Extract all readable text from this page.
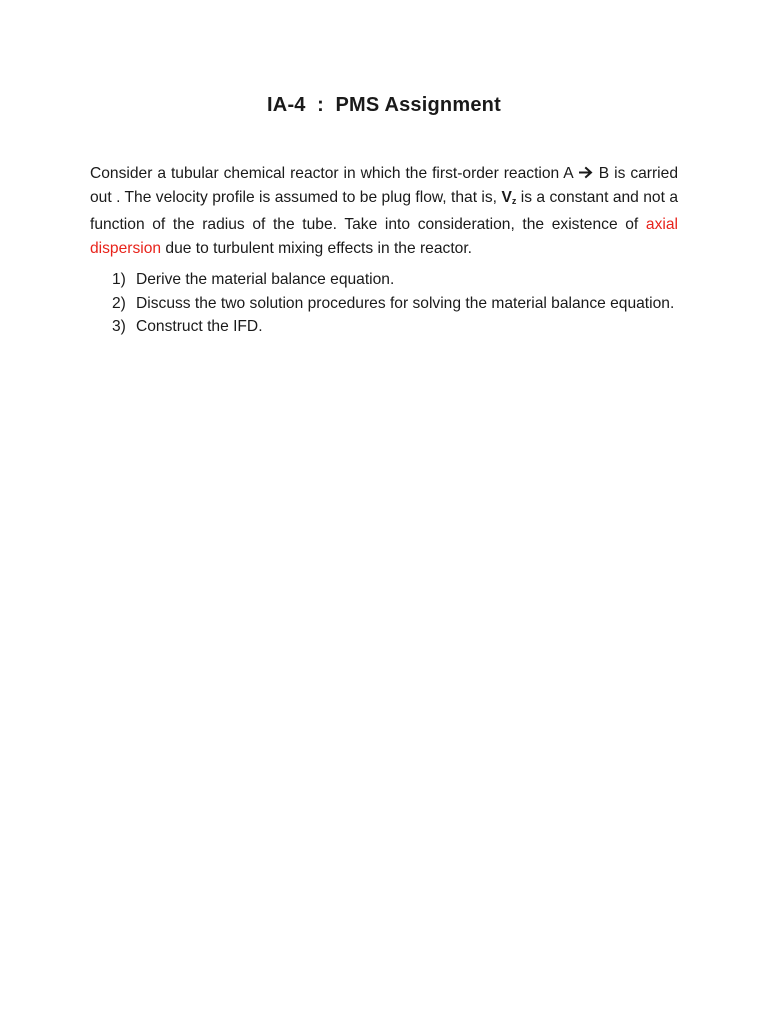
IA-4  :  PMS Assignment

Consider a tubular chemical reactor in which the first-order reaction A B is carried out . The velocity profile is assumed to be plug flow, that is, $V_z$ is a constant and not a function of the radius of the tube. Take into consideration, the existence of axial dispersion due to turbulent mixing effects in the reactor.

1) Derive the material balance equation.
2) Discuss the two solution procedures for solving the material balance equation.
3) Construct the IFD.
